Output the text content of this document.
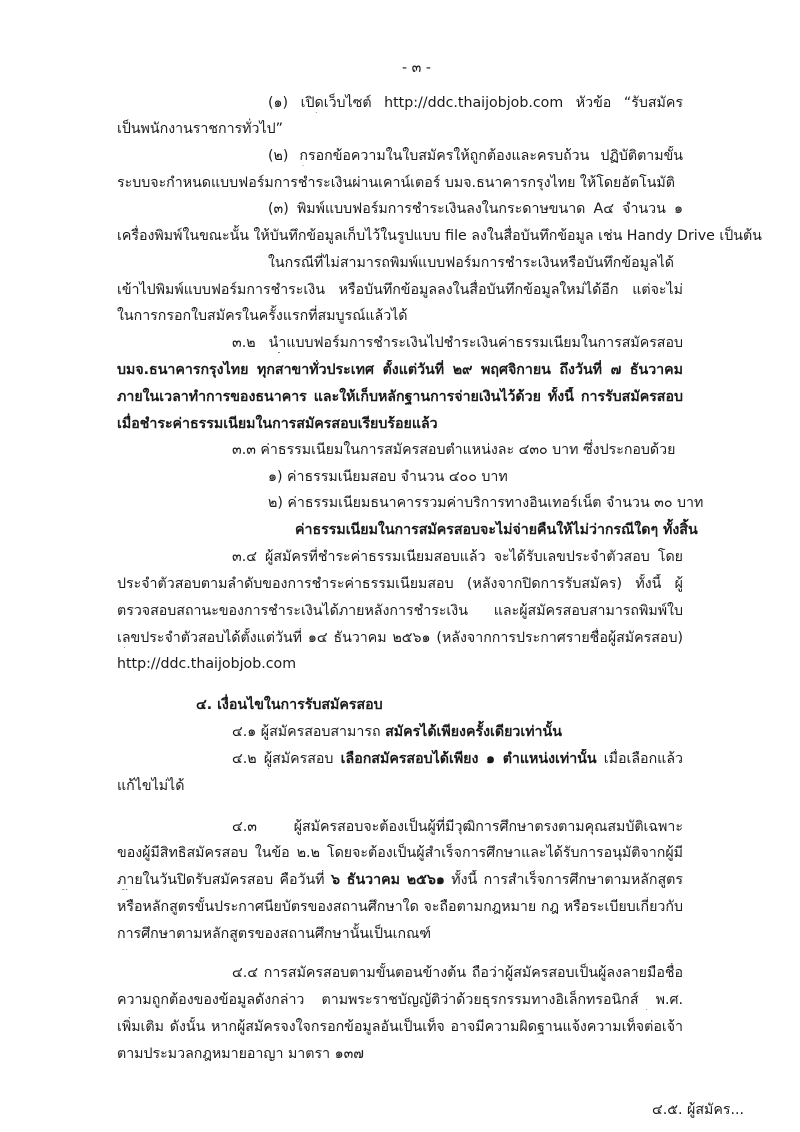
- ๓ -
(๑) เปิดเว็บไซต์ http://ddc.thaijobjob.com หัวข้อ “รับสมัคร
เป็นพนักงานราชการทั่วไป”
(๒) กรอกข้อความในใบสมัครให้ถูกต้องและครบถ้วน ปฏิบัติตามขั้น
ระบบจะกำหนดแบบฟอร์มการชำระเงินผ่านเคาน์เตอร์ บมจ.ธนาคารกรุงไทย ให้โดยอัตโนมัติ
(๓) พิมพ์แบบฟอร์มการชำระเงินลงในกระดาษขนาด A๔ จำนวน ๑
เครื่องพิมพ์ในขณะนั้น ให้บันทึกข้อมูลเก็บไว้ในรูปแบบ file ลงในสื่อบันทึกข้อมูล เช่น Handy Drive เป็นต้น
ในกรณีที่ไม่สามารถพิมพ์แบบฟอร์มการชำระเงินหรือบันทึกข้อมูลได้
เข้าไปพิมพ์แบบฟอร์มการชำระเงิน หรือบันทึกข้อมูลลงในสื่อบันทึกข้อมูลใหม่ได้อีก แต่จะไม่
ในการกรอกใบสมัครในครั้งแรกที่สมบูรณ์แล้วได้
๓.๒ นำแบบฟอร์มการชำระเงินไปชำระเงินค่าธรรมเนียมในการสมัครสอบ
บมจ.ธนาคารกรุงไทย ทุกสาขาทั่วประเทศ ตั้งแต่วันที่ ๒๙ พฤศจิกายน ถึงวันที่ ๗ ธันวาคม
ภายในเวลาทำการของธนาคาร และให้เก็บหลักฐานการจ่ายเงินไว้ด้วย ทั้งนี้ การรับสมัครสอบ
เมื่อชำระค่าธรรมเนียมในการสมัครสอบเรียบร้อยแล้ว
๓.๓ ค่าธรรมเนียมในการสมัครสอบตำแหน่งละ ๔๓๐ บาท ซึ่งประกอบด้วย
๑) ค่าธรรมเนียมสอบ จำนวน ๔๐๐ บาท
๒) ค่าธรรมเนียมธนาคารรวมค่าบริการทางอินเทอร์เน็ต จำนวน ๓๐ บาท
ค่าธรรมเนียมในการสมัครสอบจะไม่จ่ายคืนให้ไม่ว่ากรณีใดๆ ทั้งสิ้น
๓.๔ ผู้สมัครที่ชำระค่าธรรมเนียมสอบแล้ว จะได้รับเลขประจำตัวสอบ โดย
ประจำตัวสอบตามลำดับของการชำระค่าธรรมเนียมสอบ (หลังจากปิดการรับสมัคร) ทั้งนี้ ผู้
ตรวจสอบสถานะของการชำระเงินได้ภายหลังการชำระเงิน และผู้สมัครสอบสามารถพิมพ์ใบ
เลขประจำตัวสอบได้ตั้งแต่วันที่ ๑๔ ธันวาคม ๒๕๖๑ (หลังจากการประกาศรายชื่อผู้สมัครสอบ)
http://ddc.thaijobjob.com
๔. เงื่อนไขในการรับสมัครสอบ
๔.๑ ผู้สมัครสอบสามารถ สมัครได้เพียงครั้งเดียวเท่านั้น
๔.๒ ผู้สมัครสอบ เลือกสมัครสอบได้เพียง ๑ ตำแหน่งเท่านั้น เมื่อเลือกแล้ว
แก้ไขไม่ได้
๔.๓ ผู้สมัครสอบจะต้องเป็นผู้ที่มีวุฒิการศึกษาตรงตามคุณสมบัติเฉพาะ
ของผู้มีสิทธิสมัครสอบ ในข้อ ๒.๒ โดยจะต้องเป็นผู้สำเร็จการศึกษาและได้รับการอนุมัติจากผู้มี
ภายในวันปิดรับสมัครสอบ คือวันที่ ๖ ธันวาคม ๒๕๖๑ ทั้งนี้ การสำเร็จการศึกษาตามหลักสูตร
หรือหลักสูตรขั้นประกาศนียบัตรของสถานศึกษาใด จะถือตามกฎหมาย กฎ หรือระเบียบเกี่ยวกับ
การศึกษาตามหลักสูตรของสถานศึกษานั้นเป็นเกณฑ์
๔.๔ การสมัครสอบตามขั้นตอนข้างต้น ถือว่าผู้สมัครสอบเป็นผู้ลงลายมือชื่อ
ความถูกต้องของข้อมูลดังกล่าว ตามพระราชบัญญัติว่าด้วยธุรกรรมทางอิเล็กทรอนิกส์ พ.ศ.
เพิ่มเติม ดังนั้น หากผู้สมัครจงใจกรอกข้อมูลอันเป็นเท็จ อาจมีความผิดฐานแจ้งความเท็จต่อเจ้า
ตามประมวลกฎหมายอาญา มาตรา ๑๓๗
๔.๕. ผู้สมัคร...
